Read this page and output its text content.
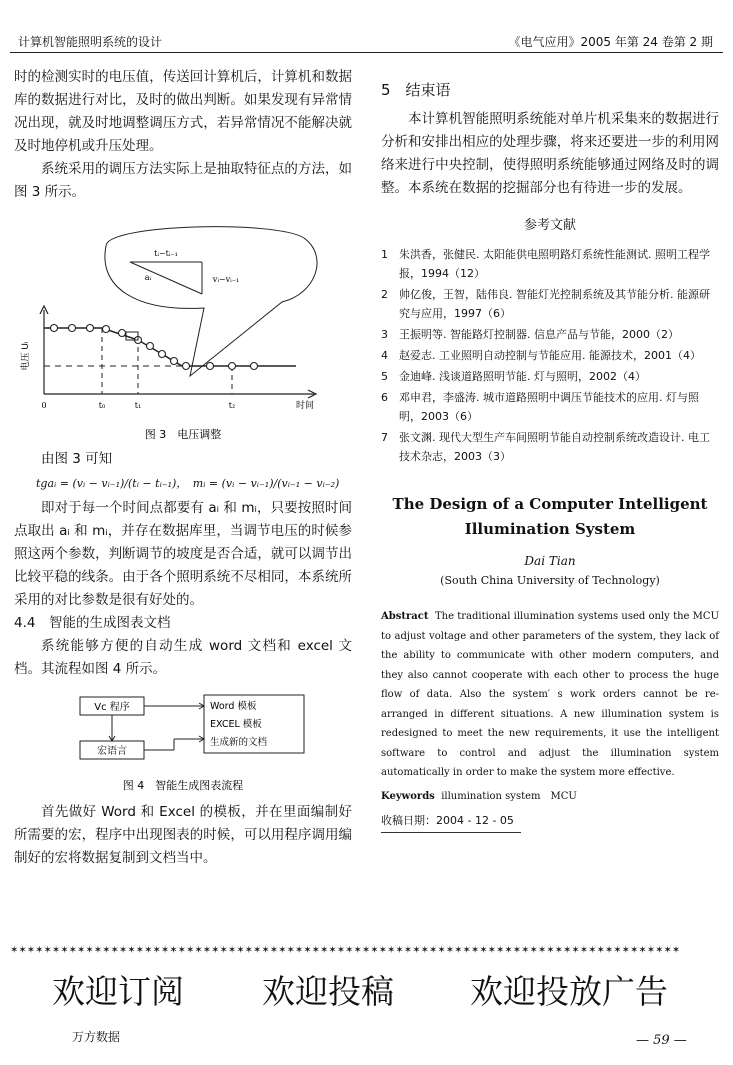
计算机智能照明系统的设计	《电气应用》2005 年第 24 卷第 2 期

时的检测实时的电压值，传送回计算机后，计算机和数据库的数据进行对比，及时的做出判断。如果发现有异常情况出现，就及时地调整调压方式，若异常情况不能解决就及时地停机或升压处理。

系统采用的调压方法实际上是抽取特征点的方法，如图 3 所示。

tᵢ−tᵢ₋₁
aᵢ	vᵢ−vᵢ₋₁
电压 Uᵢ
时间
0	t₀	t₁	t₂
图 3　电压调整

由图 3 可知

tgaᵢ = (vᵢ − vᵢ₋₁)/(tᵢ − tᵢ₋₁)，　mᵢ = (vᵢ − vᵢ₋₁)/(vᵢ₋₁ − vᵢ₋₂)

即对于每一个时间点都要有 aᵢ 和 mᵢ，只要按照时间点取出 aᵢ 和 mᵢ，并存在数据库里，当调节电压的时候参照这两个参数，判断调节的坡度是否合适，就可以调节出比较平稳的线条。由于各个照明系统不尽相同，本系统所采用的对比参数是很有好处的。

4.4　智能的生成图表文档

系统能够方便的自动生成 word 文档和 excel 文档。其流程如图 4 所示。

Vc 程序
宏语言
Word 模板
EXCEL 模板
生成新的文档
图 4　智能生成图表流程

首先做好 Word 和 Excel 的模板，并在里面编制好所需要的宏，程序中出现图表的时候，可以用程序调用编制好的宏将数据复制到文档当中。

5　结束语

本计算机智能照明系统能对单片机采集来的数据进行分析和安排出相应的处理步骤，将来还要进一步的利用网络来进行中央控制，使得照明系统能够通过网络及时的调整。本系统在数据的挖掘部分也有待进一步的发展。

参考文献
1	朱洪香，张健民. 太阳能供电照明路灯系统性能测试. 照明工程学报，1994（12）
2	帅亿俊，王智，陆伟良. 智能灯光控制系统及其节能分析. 能源研究与应用，1997（6）
3	王振明等. 智能路灯控制器. 信息产品与节能，2000（2）
4	赵爱志. 工业照明自动控制与节能应用. 能源技术，2001（4）
5	金迪峰. 浅谈道路照明节能. 灯与照明，2002（4）
6	邓申君，李盛涛. 城市道路照明中调压节能技术的应用. 灯与照明，2003（6）
7	张文渊. 现代大型生产车间照明节能自动控制系统改造设计. 电工技术杂志，2003（3）
The Design of a Computer Intelligent Illumination System
Dai Tian
(South China University of Technology)
Abstract The traditional illumination systems used only the MCU to adjust voltage and other parameters of the system, they lack of the ability to communicate with other modern computers, and they also cannot cooperate with each other to process the huge flow of data. Also the system′ s work orders cannot be re-arranged in different situations. A new illumination system is redesigned to meet the new requirements, it use the intelligent software to control and adjust the illumination system automatically in order to make the system more effective.
Keywords illumination system　MCU
收稿日期：2004 - 12 - 05
✶✶✶✶✶✶✶✶✶✶✶✶✶✶✶✶✶✶✶✶✶✶✶✶✶✶✶✶✶✶✶✶✶✶✶✶✶✶✶✶✶✶✶✶✶✶✶✶✶✶✶✶✶✶✶✶✶✶✶✶✶✶✶✶✶✶✶✶✶✶✶✶✶✶✶✶✶✶✶✶
欢迎订阅 欢迎投稿 欢迎投放广告
万方数据	— 59 —
